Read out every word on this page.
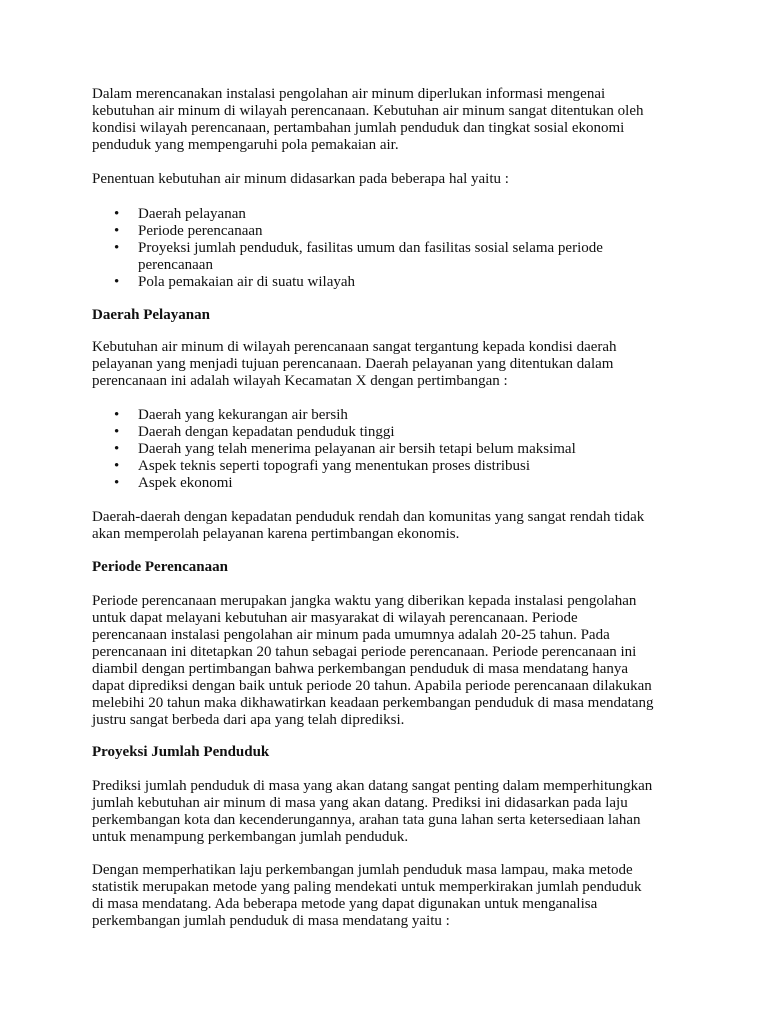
Dalam merencanakan instalasi pengolahan air minum diperlukan informasi mengenai
kebutuhan air minum di wilayah perencanaan. Kebutuhan air minum sangat ditentukan oleh
kondisi wilayah perencanaan, pertambahan jumlah penduduk dan tingkat sosial ekonomi
penduduk yang mempengaruhi pola pemakaian air.

Penentuan kebutuhan air minum didasarkan pada beberapa hal yaitu :

• Daerah pelayanan
• Periode perencanaan
• Proyeksi jumlah penduduk, fasilitas umum dan fasilitas sosial selama periode
perencanaan
• Pola pemakaian air di suatu wilayah

Daerah Pelayanan

Kebutuhan air minum di wilayah perencanaan sangat tergantung kepada kondisi daerah
pelayanan yang menjadi tujuan perencanaan. Daerah pelayanan yang ditentukan dalam
perencanaan ini adalah wilayah Kecamatan X dengan pertimbangan :

• Daerah yang kekurangan air bersih
• Daerah dengan kepadatan penduduk tinggi
• Daerah yang telah menerima pelayanan air bersih tetapi belum maksimal
• Aspek teknis seperti topografi yang menentukan proses distribusi
• Aspek ekonomi

Daerah-daerah dengan kepadatan penduduk rendah dan komunitas yang sangat rendah tidak
akan memperolah pelayanan karena pertimbangan ekonomis.

Periode Perencanaan

Periode perencanaan merupakan jangka waktu yang diberikan kepada instalasi pengolahan
untuk dapat melayani kebutuhan air masyarakat di wilayah perencanaan. Periode
perencanaan instalasi pengolahan air minum pada umumnya adalah 20-25 tahun. Pada
perencanaan ini ditetapkan 20 tahun sebagai periode perencanaan. Periode perencanaan ini
diambil dengan pertimbangan bahwa perkembangan penduduk di masa mendatang hanya
dapat diprediksi dengan baik untuk periode 20 tahun. Apabila periode perencanaan dilakukan
melebihi 20 tahun maka dikhawatirkan keadaan perkembangan penduduk di masa mendatang
justru sangat berbeda dari apa yang telah diprediksi.

Proyeksi Jumlah Penduduk

Prediksi jumlah penduduk di masa yang akan datang sangat penting dalam memperhitungkan
jumlah kebutuhan air minum di masa yang akan datang. Prediksi ini didasarkan pada laju
perkembangan kota dan kecenderungannya, arahan tata guna lahan serta ketersediaan lahan
untuk menampung perkembangan jumlah penduduk.

Dengan memperhatikan laju perkembangan jumlah penduduk masa lampau, maka metode
statistik merupakan metode yang paling mendekati untuk memperkirakan jumlah penduduk
di masa mendatang. Ada beberapa metode yang dapat digunakan untuk menganalisa
perkembangan jumlah penduduk di masa mendatang yaitu :
